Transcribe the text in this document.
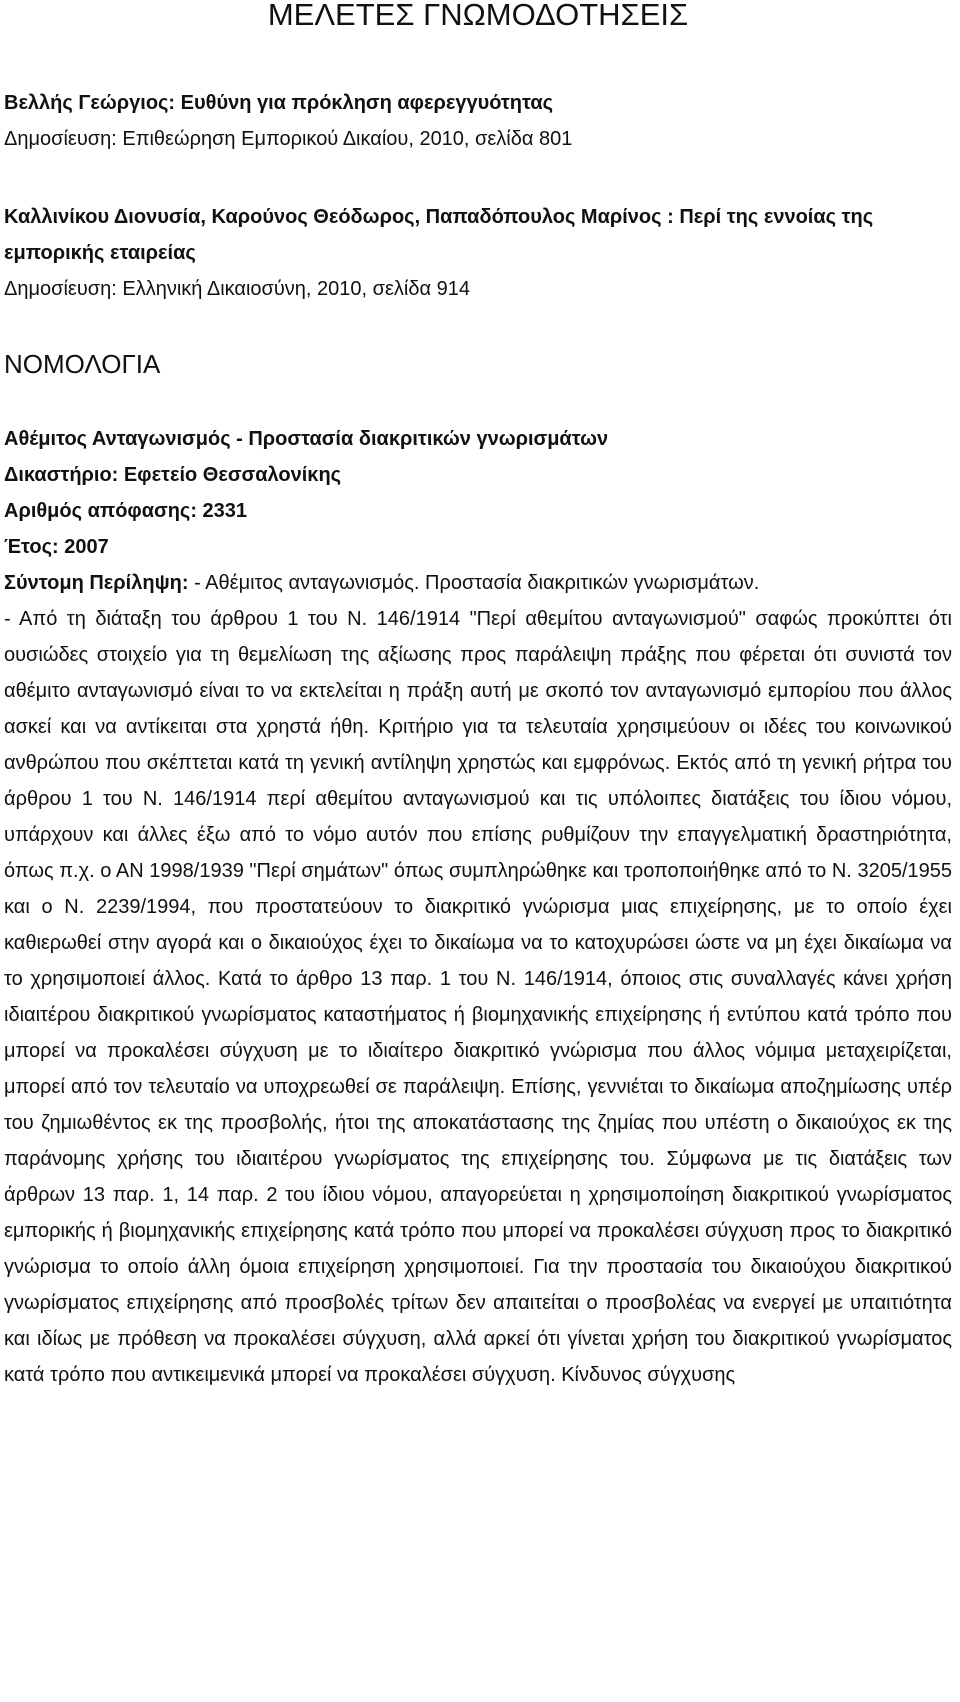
ΜΕΛΕΤΕΣ ΓΝΩΜΟΔΟΤΗΣΕΙΣ

Βελλής Γεώργιος: Ευθύνη για πρόκληση αφερεγγυότητας

Δημοσίευση: Επιθεώρηση Εμπορικού Δικαίου, 2010, σελίδα 801

Καλλινίκου Διονυσία, Καρούνος Θεόδωρος, Παπαδόπουλος Μαρίνος : Περί της εννοίας της εμπορικής εταιρείας

Δημοσίευση: Ελληνική Δικαιοσύνη, 2010, σελίδα 914

ΝΟΜΟΛΟΓΙΑ

Αθέμιτος Ανταγωνισμός - Προστασία διακριτικών γνωρισμάτων

Δικαστήριο: Εφετείο Θεσσαλονίκης

Αριθμός απόφασης: 2331

Έτος: 2007

Σύντομη Περίληψη: - Αθέμιτος ανταγωνισμός. Προστασία διακριτικών γνωρισμάτων.

- Από τη διάταξη του άρθρου 1 του Ν. 146/1914 "Περί αθεμίτου ανταγωνισμού" σαφώς προκύπτει ότι ουσιώδες στοιχείο για τη θεμελίωση της αξίωσης προς παράλειψη πράξης που φέρεται ότι συνιστά τον αθέμιτο ανταγωνισμό είναι το να εκτελείται η πράξη αυτή με σκοπό τον ανταγωνισμό εμπορίου που άλλος ασκεί και να αντίκειται στα χρηστά ήθη. Κριτήριο για τα τελευταία χρησιμεύουν οι ιδέες του κοινωνικού ανθρώπου που σκέπτεται κατά τη γενική αντίληψη χρηστώς και εμφρόνως. Εκτός από τη γενική ρήτρα του άρθρου 1 του Ν. 146/1914 περί αθεμίτου ανταγωνισμού και τις υπόλοιπες διατάξεις του ίδιου νόμου, υπάρχουν και άλλες έξω από το νόμο αυτόν που επίσης ρυθμίζουν την επαγγελματική δραστηριότητα, όπως π.χ. ο ΑΝ 1998/1939 "Περί σημάτων" όπως συμπληρώθηκε και τροποποιήθηκε από το Ν. 3205/1955 και ο Ν. 2239/1994, που προστατεύουν το διακριτικό γνώρισμα μιας επιχείρησης, με το οποίο έχει καθιερωθεί στην αγορά και ο δικαιούχος έχει το δικαίωμα να το κατοχυρώσει ώστε να μη έχει δικαίωμα να το χρησιμοποιεί άλλος. Κατά το άρθρο 13 παρ. 1 του Ν. 146/1914, όποιος στις συναλλαγές κάνει χρήση ιδιαιτέρου διακριτικού γνωρίσματος καταστήματος ή βιομηχανικής επιχείρησης ή εντύπου κατά τρόπο που μπορεί να προκαλέσει σύγχυση με το ιδιαίτερο διακριτικό γνώρισμα που άλλος νόμιμα μεταχειρίζεται, μπορεί από τον τελευταίο να υποχρεωθεί σε παράλειψη. Επίσης, γεννιέται το δικαίωμα αποζημίωσης υπέρ του ζημιωθέντος εκ της προσβολής, ήτοι της αποκατάστασης της ζημίας που υπέστη ο δικαιούχος εκ της παράνομης χρήσης του ιδιαιτέρου γνωρίσματος της επιχείρησης του. Σύμφωνα με τις διατάξεις των άρθρων 13 παρ. 1, 14 παρ. 2 του ίδιου νόμου, απαγορεύεται η χρησιμοποίηση διακριτικού γνωρίσματος εμπορικής ή βιομηχανικής επιχείρησης κατά τρόπο που μπορεί να προκαλέσει σύγχυση προς το διακριτικό γνώρισμα το οποίο άλλη όμοια επιχείρηση χρησιμοποιεί. Για την προστασία του δικαιούχου διακριτικού γνωρίσματος επιχείρησης από προσβολές τρίτων δεν απαιτείται ο προσβολέας να ενεργεί με υπαιτιότητα και ιδίως με πρόθεση να προκαλέσει σύγχυση, αλλά αρκεί ότι γίνεται χρήση του διακριτικού γνωρίσματος κατά τρόπο που αντικειμενικά μπορεί να προκαλέσει σύγχυση. Κίνδυνος σύγχυσης
